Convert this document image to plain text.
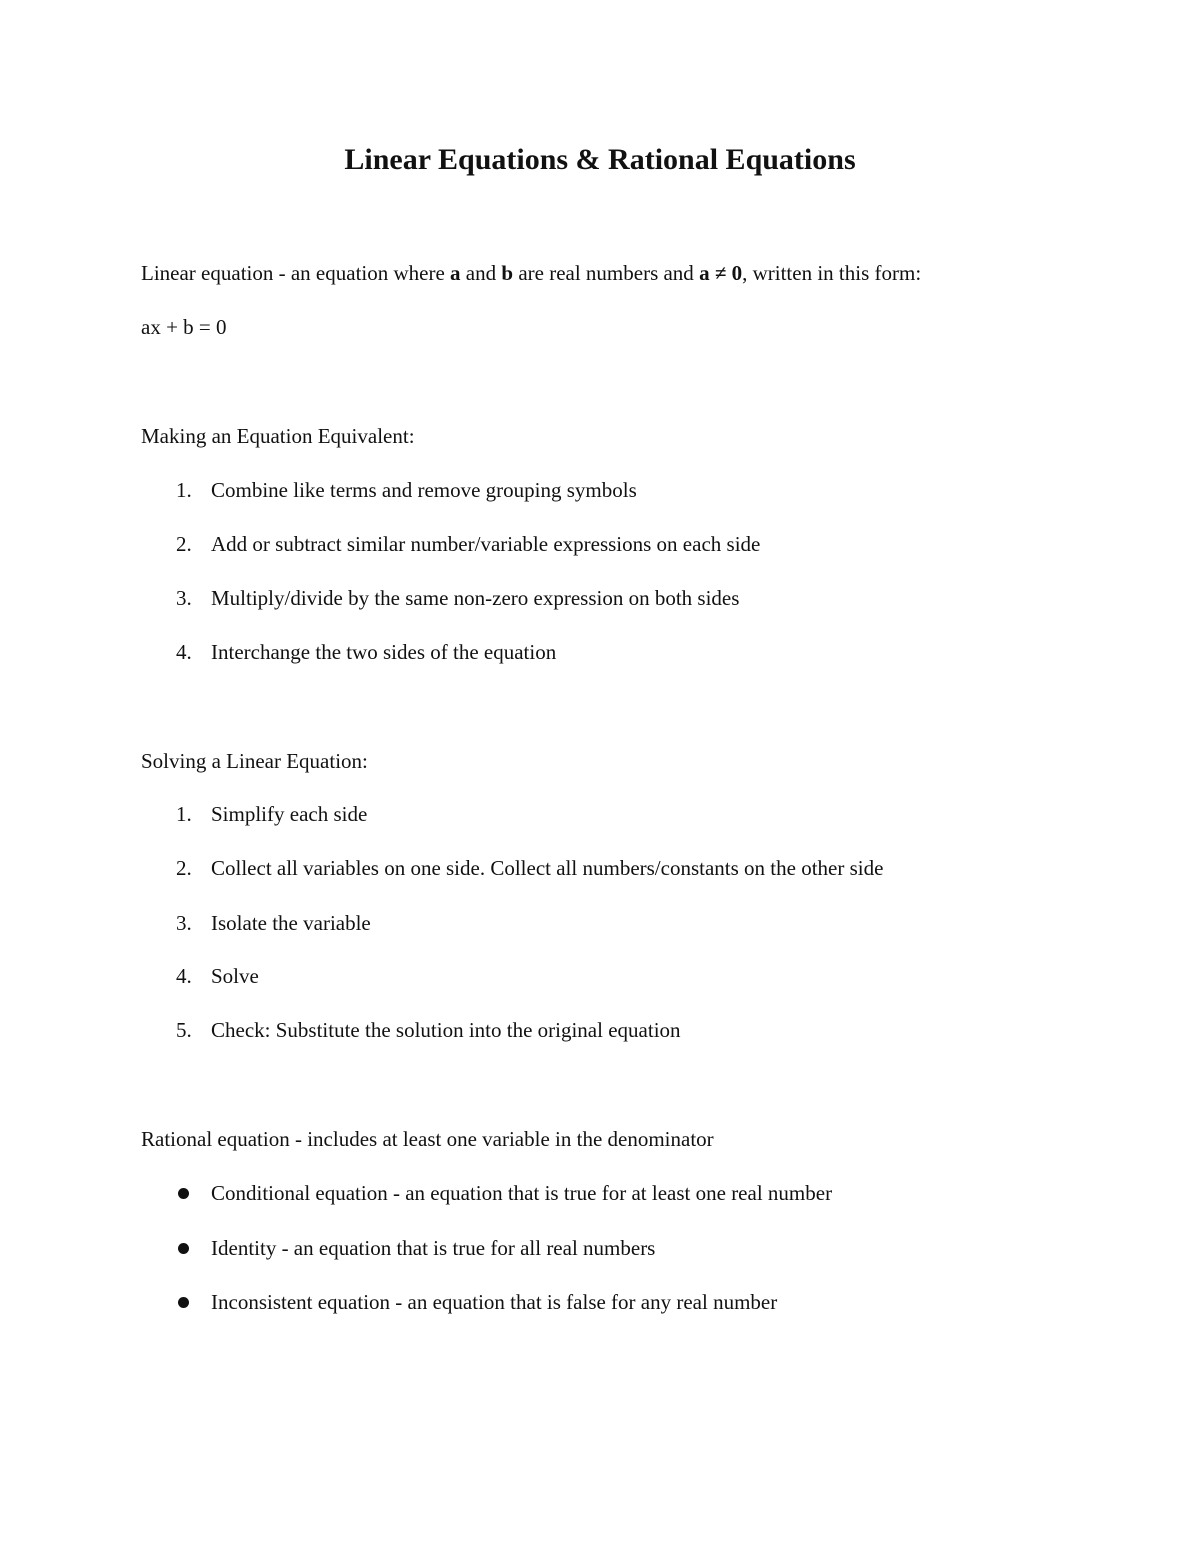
Linear Equations & Rational Equations
Linear equation - an equation where a and b are real numbers and a ≠ 0, written in this form:
ax + b = 0
Making an Equation Equivalent:
1. Combine like terms and remove grouping symbols
2. Add or subtract similar number/variable expressions on each side
3. Multiply/divide by the same non-zero expression on both sides
4. Interchange the two sides of the equation
Solving a Linear Equation:
1. Simplify each side
2. Collect all variables on one side. Collect all numbers/constants on the other side
3. Isolate the variable
4. Solve
5. Check: Substitute the solution into the original equation
Rational equation - includes at least one variable in the denominator
Conditional equation - an equation that is true for at least one real number
Identity - an equation that is true for all real numbers
Inconsistent equation - an equation that is false for any real number
